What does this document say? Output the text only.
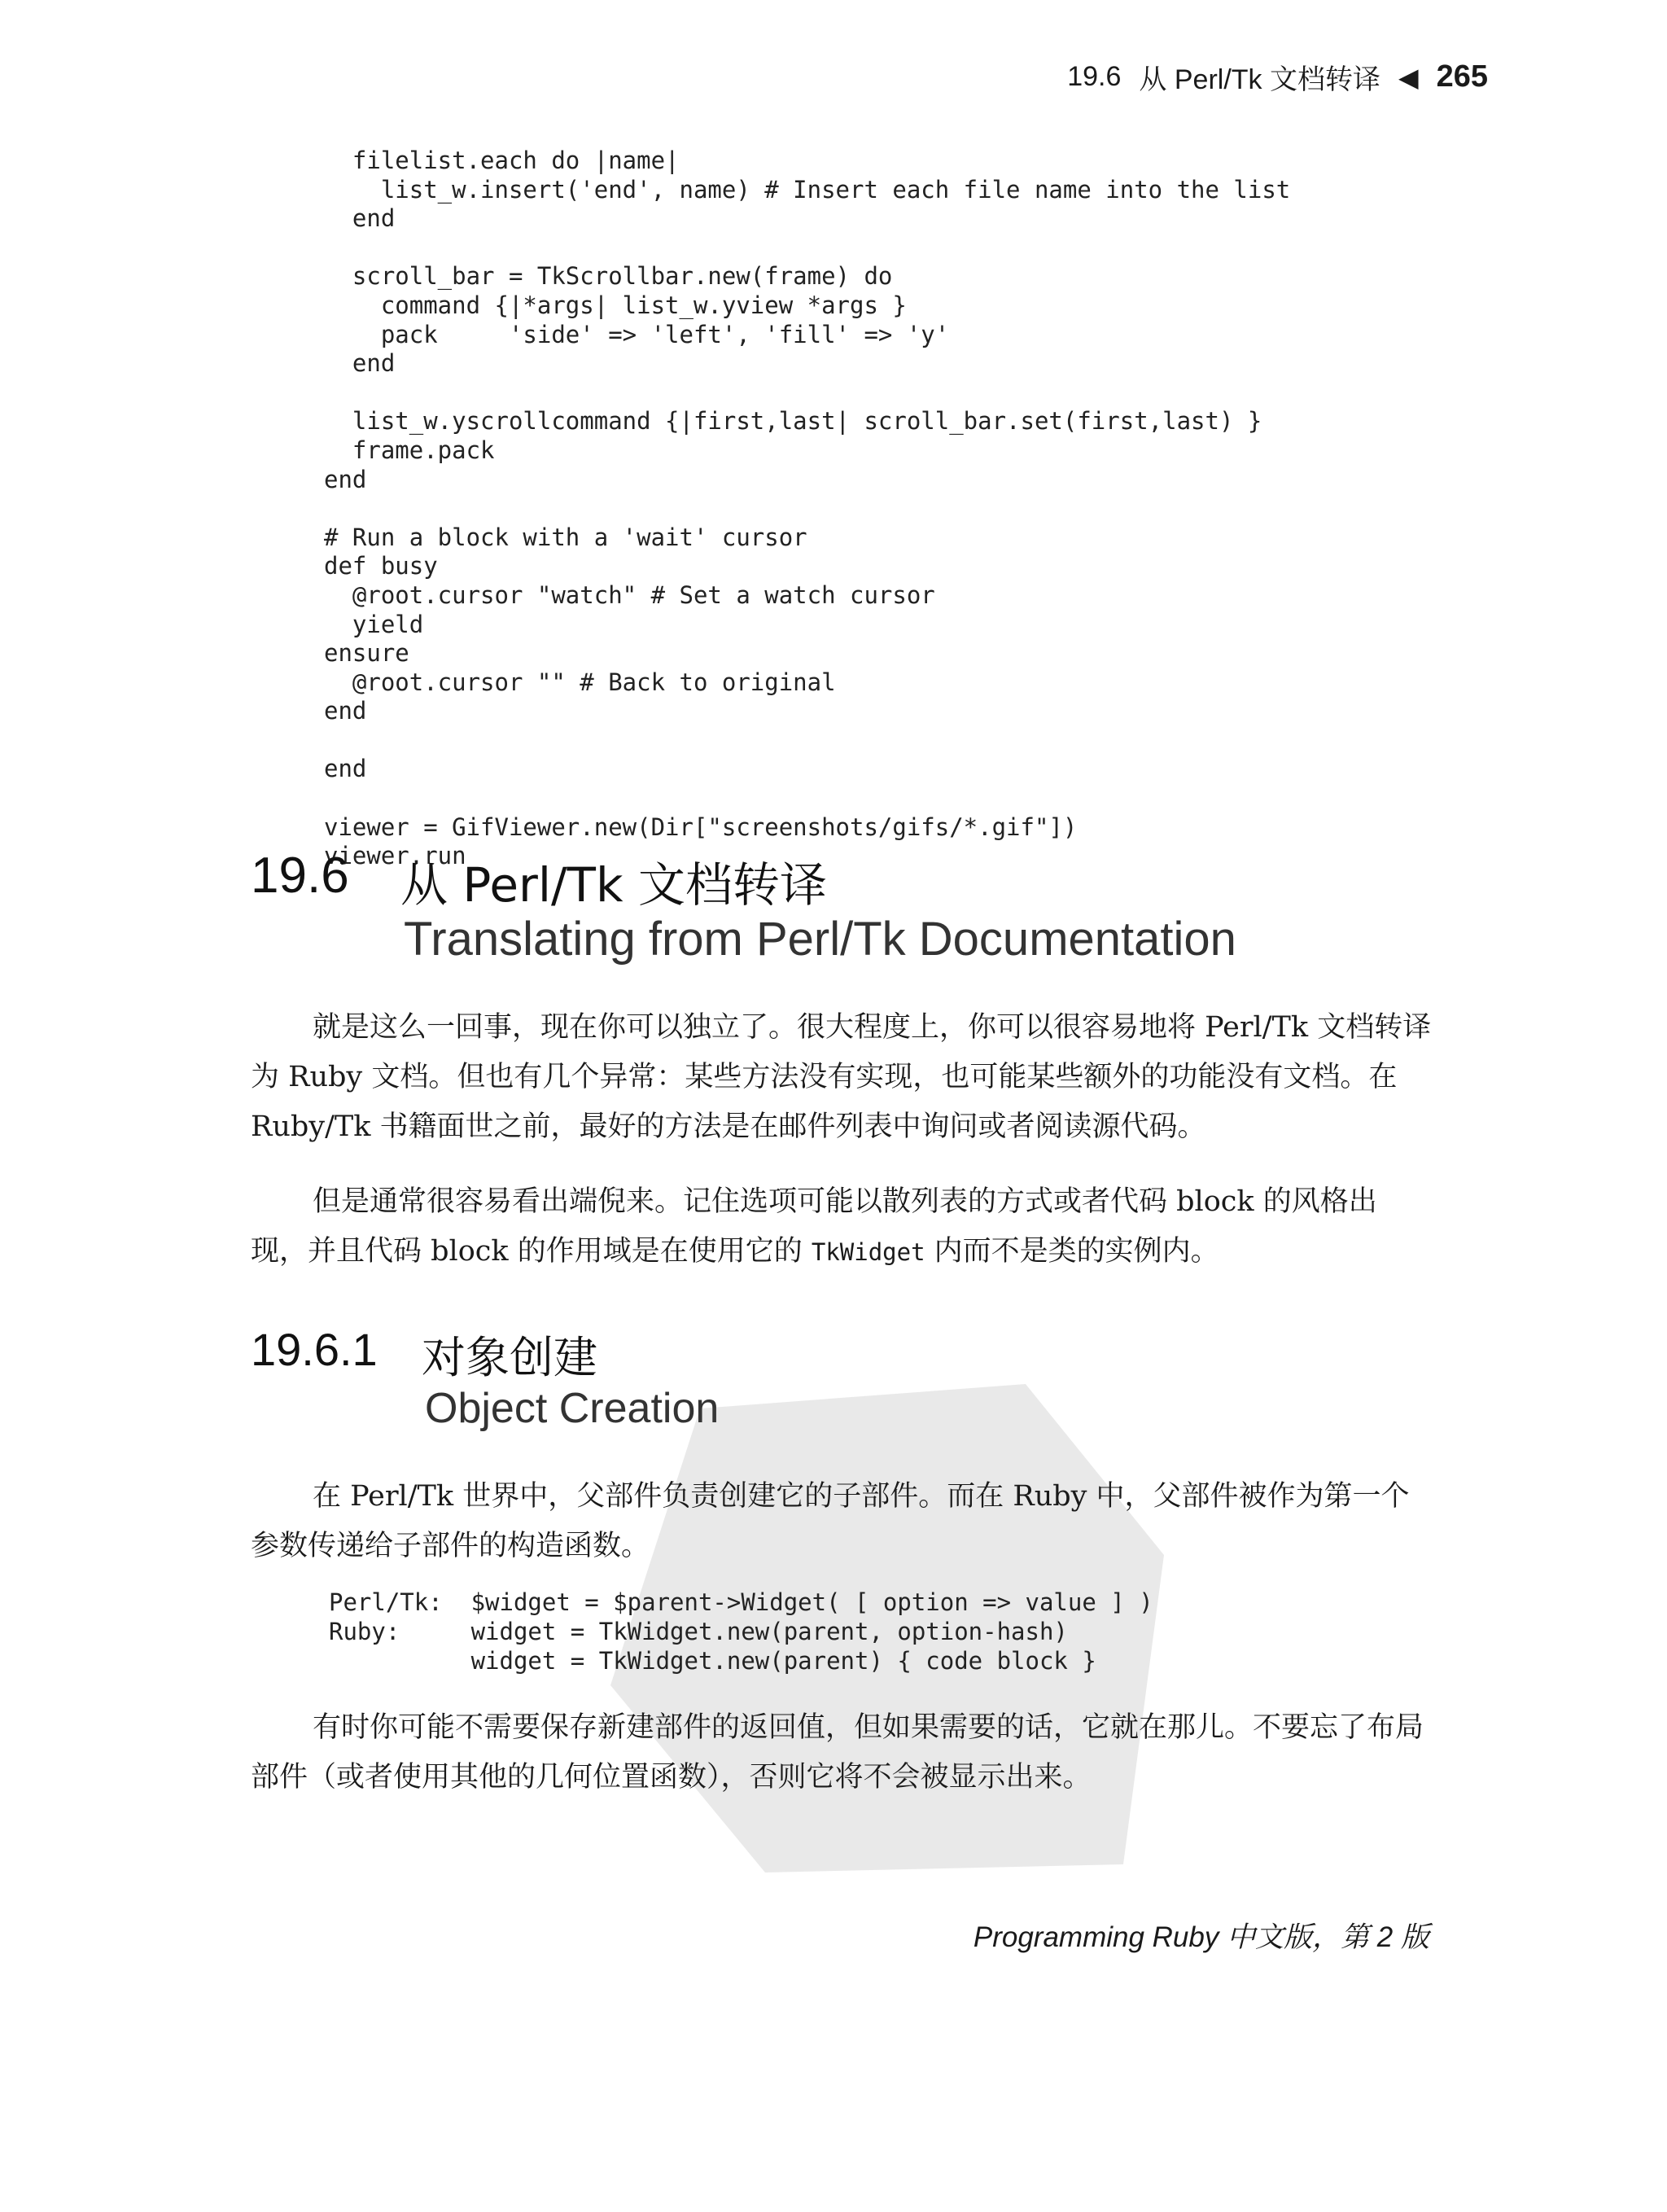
19.6 从 Perl/Tk 文档转译 ◀ 265
filelist.each do |name|
list_w.insert('end', name) # Insert each file name into the list
end

scroll_bar = TkScrollbar.new(frame) do
command {|*args| list_w.yview *args }
pack     'side' => 'left', 'fill' => 'y'
end

list_w.yscrollcommand {|first,last| scroll_bar.set(first,last) }
frame.pack
end

# Run a block with a 'wait' cursor
def busy
@root.cursor "watch" # Set a watch cursor
yield
ensure
@root.cursor "" # Back to original
end

end

viewer = GifViewer.new(Dir["screenshots/gifs/*.gif"])
viewer.run
19.6 从 Perl/Tk 文档转译
Translating from Perl/Tk Documentation

就是这么一回事，现在你可以独立了。很大程度上，你可以很容易地将 Perl/Tk 文档转译为 Ruby 文档。但也有几个异常：某些方法没有实现，也可能某些额外的功能没有文档。在 Ruby/Tk 书籍面世之前，最好的方法是在邮件列表中询问或者阅读源代码。

但是通常很容易看出端倪来。记住选项可能以散列表的方式或者代码 block 的风格出现，并且代码 block 的作用域是在使用它的 TkWidget 内而不是类的实例内。

19.6.1 对象创建
Object Creation

在 Perl/Tk 世界中，父部件负责创建它的子部件。而在 Ruby 中，父部件被作为第一个参数传递给子部件的构造函数。

Perl/Tk:  $widget = $parent->Widget( [ option => value ] )
Ruby:     widget = TkWidget.new(parent, option-hash)
widget = TkWidget.new(parent) { code block }

有时你可能不需要保存新建部件的返回值，但如果需要的话，它就在那儿。不要忘了布局部件（或者使用其他的几何位置函数），否则它将不会被显示出来。

Programming Ruby 中文版，第 2 版
